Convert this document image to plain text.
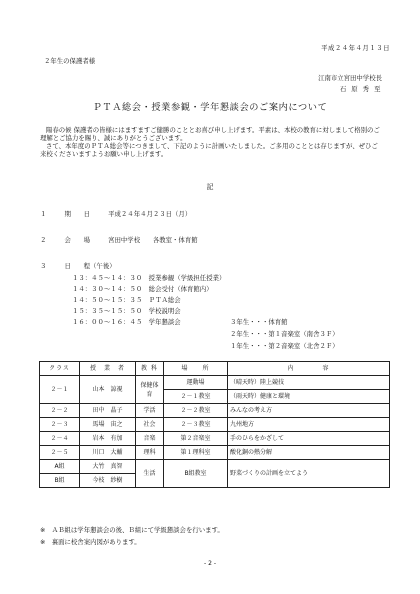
平成２４年４月１３日
２年生の保護者様
江南市立宮田中学校長
石 原 秀 至
ＰＴＡ総会・授業参観・学年懇談会のご案内について

陽春の候 保護者の皆様にはますますご健勝のこととお喜び申し上げます。平素は、本校の教育に対しまして格別のご理解とご協力を賜り、誠にありがとうございます。

さて、本年度のＰＴＡ総会等につきまして、下記のように計画いたしました。ご多用のこととは存じますが、ぜひご来校くださいますようお願い申し上げます。

記
１	期　　日	平成２４年４月２３日（月）
２	会　　場	宮田中学校　　各教室・体育館
３	日　　程（午後）
１３：４５〜１４：３０　授業参観（学級担任授業）
１４：３０〜１４：５０　総会受付（体育館内）
１４：５０〜１５：３５　ＰＴＡ総会
１５：３５〜１５：５０　学校説明会
１６：００〜１６：４５　学年懇談会	３年生・・・体育館
２年生・・・第１音楽室（南舎３Ｆ）
１年生・・・第２音楽室（北舎２Ｆ）
クラス	授　業　者	教 科	場　　所	内　　　　容
２－１	山本　諒視	保健体育	運動場	（晴天時）陸上競技
			２－１教室	（雨天時）健康と環境
２－２	田中　晶子	学活	２－２教室	みんなの考え方
２－３	馬場　宙之	社会	２－３教室	九州地方
２－４	岩本　有加	音楽	第２音楽室	手のひらをかざして
２－５	川口　大輔	理科	第１理科室	酸化銅の熱分解
A組	大竹　真智	生活	B組教室	野菜づくりの計画を立てよう
B組	今枝　紗樹			
※　ＡＢ組は学年懇談会の後、Ｂ組にて学級懇談会を行います。
※　裏面に校舎案内図があります。
- 2 -
